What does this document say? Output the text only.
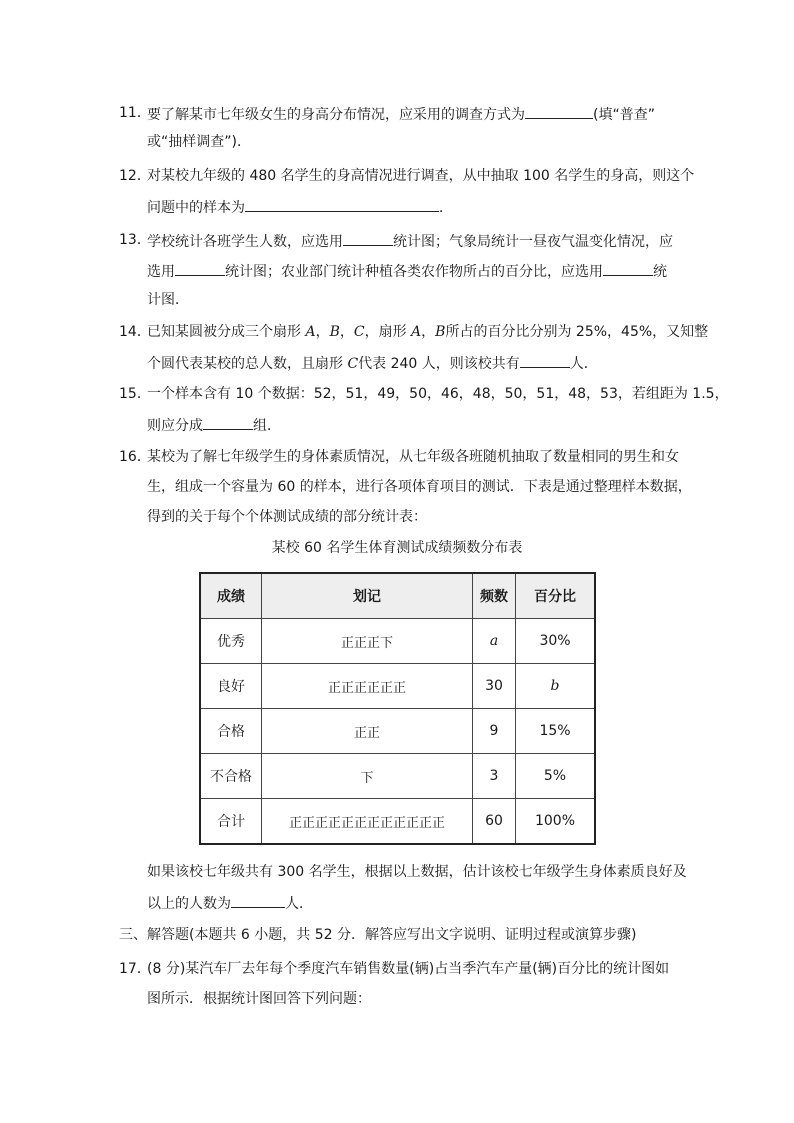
11．
要了解某市七年级女生的身高分布情况，应采用的调查方式为	(填“普查”
或“抽样调查”)．
12．
对某校九年级的 480 名学生的身高情况进行调查，从中抽取 100 名学生的身高，则这个
问题中的样本为	．
13．
学校统计各班学生人数，应选用	统计图；气象局统计一昼夜气温变化情况，应
选用	统计图；农业部门统计种植各类农作物所占的百分比，应选用	统
计图．
14．
已知某圆被分成三个扇形 A，B，C，扇形 A，B所占的百分比分别为 25%，45%，又知整
个圆代表某校的总人数，且扇形 C代表 240 人，则该校共有	人．
15．
一个样本含有 10 个数据：52，51，49，50，46，48，50，51，48，53，若组距为 1.5，
则应分成	组．
16．
某校为了解七年级学生的身体素质情况，从七年级各班随机抽取了数量相同的男生和女
生，组成一个容量为 60 的样本，进行各项体育项目的测试．下表是通过整理样本数据，
得到的关于每个个体测试成绩的部分统计表：
某校 60 名学生体育测试成绩频数分布表
成绩	划记	频数	百分比
优秀	正正正下	a	30%
良好	正正正正正正	30	b
合格	正正	9	15%
不合格	下	3	5%
合计	正正正正正正正正正正正正	60	100%
如果该校七年级共有 300 名学生，根据以上数据，估计该校七年级学生身体素质良好及
以上的人数为	人．
三、解答题(本题共 6 小题，共 52 分．解答应写出文字说明、证明过程或演算步骤)
17．
(8 分)某汽车厂去年每个季度汽车销售数量(辆)占当季汽车产量(辆)百分比的统计图如
图所示．根据统计图回答下列问题：
